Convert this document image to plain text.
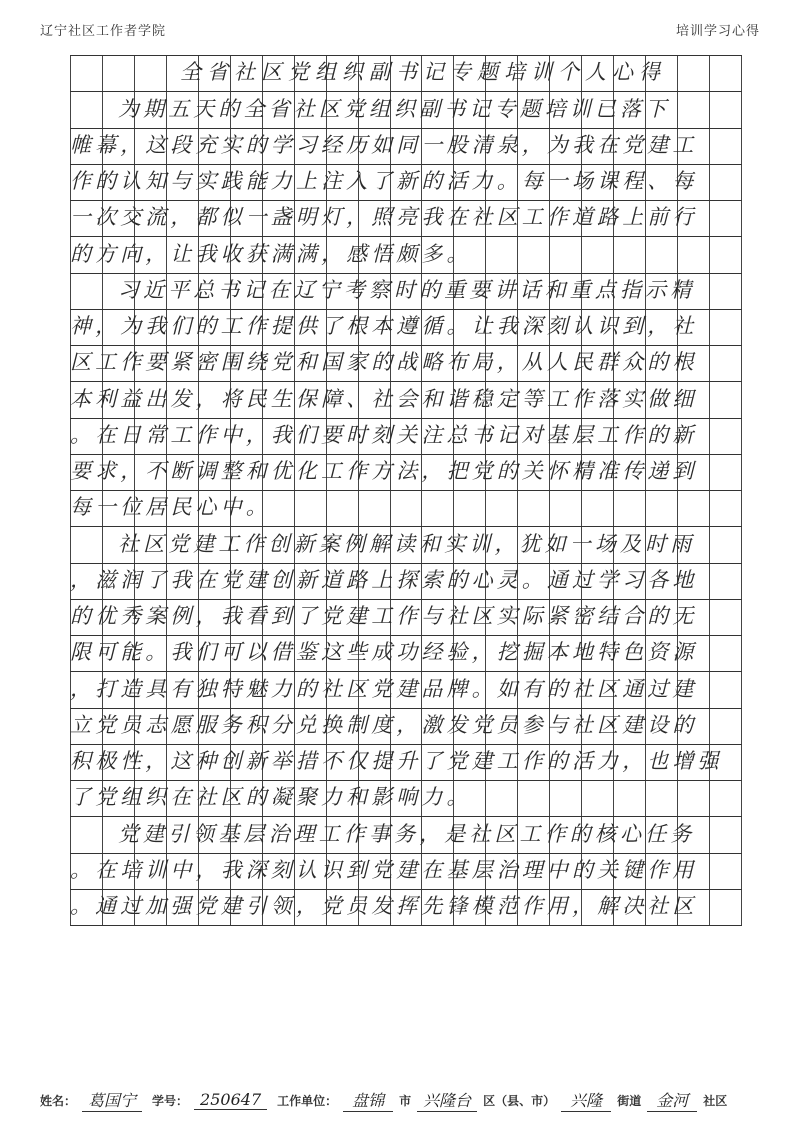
辽宁社区工作者学院	培训学习心得
全省社区党组织副书记专题培训个人心得
为期五天的全省社区党组织副书记专题培训已落下
帷幕，这段充实的学习经历如同一股清泉，为我在党建工
作的认知与实践能力上注入了新的活力。每一场课程、每
一次交流，都似一盏明灯，照亮我在社区工作道路上前行
的方向，让我收获满满，感悟颇多。
习近平总书记在辽宁考察时的重要讲话和重点指示精
神，为我们的工作提供了根本遵循。让我深刻认识到，社
区工作要紧密围绕党和国家的战略布局，从人民群众的根
本利益出发，将民生保障、社会和谐稳定等工作落实做细
。在日常工作中，我们要时刻关注总书记对基层工作的新
要求，不断调整和优化工作方法，把党的关怀精准传递到
每一位居民心中。
社区党建工作创新案例解读和实训，犹如一场及时雨
，滋润了我在党建创新道路上探索的心灵。通过学习各地
的优秀案例，我看到了党建工作与社区实际紧密结合的无
限可能。我们可以借鉴这些成功经验，挖掘本地特色资源
，打造具有独特魅力的社区党建品牌。如有的社区通过建
立党员志愿服务积分兑换制度，激发党员参与社区建设的
积极性，这种创新举措不仅提升了党建工作的活力，也增强
了党组织在社区的凝聚力和影响力。
党建引领基层治理工作事务，是社区工作的核心任务
。在培训中，我深刻认识到党建在基层治理中的关键作用
。通过加强党建引领，党员发挥先锋模范作用，解决社区
姓名： 葛国宁	学号： 250647	工作单位： 盘锦	市 兴隆台	区（县、市） 兴隆	街道 金河	社区
